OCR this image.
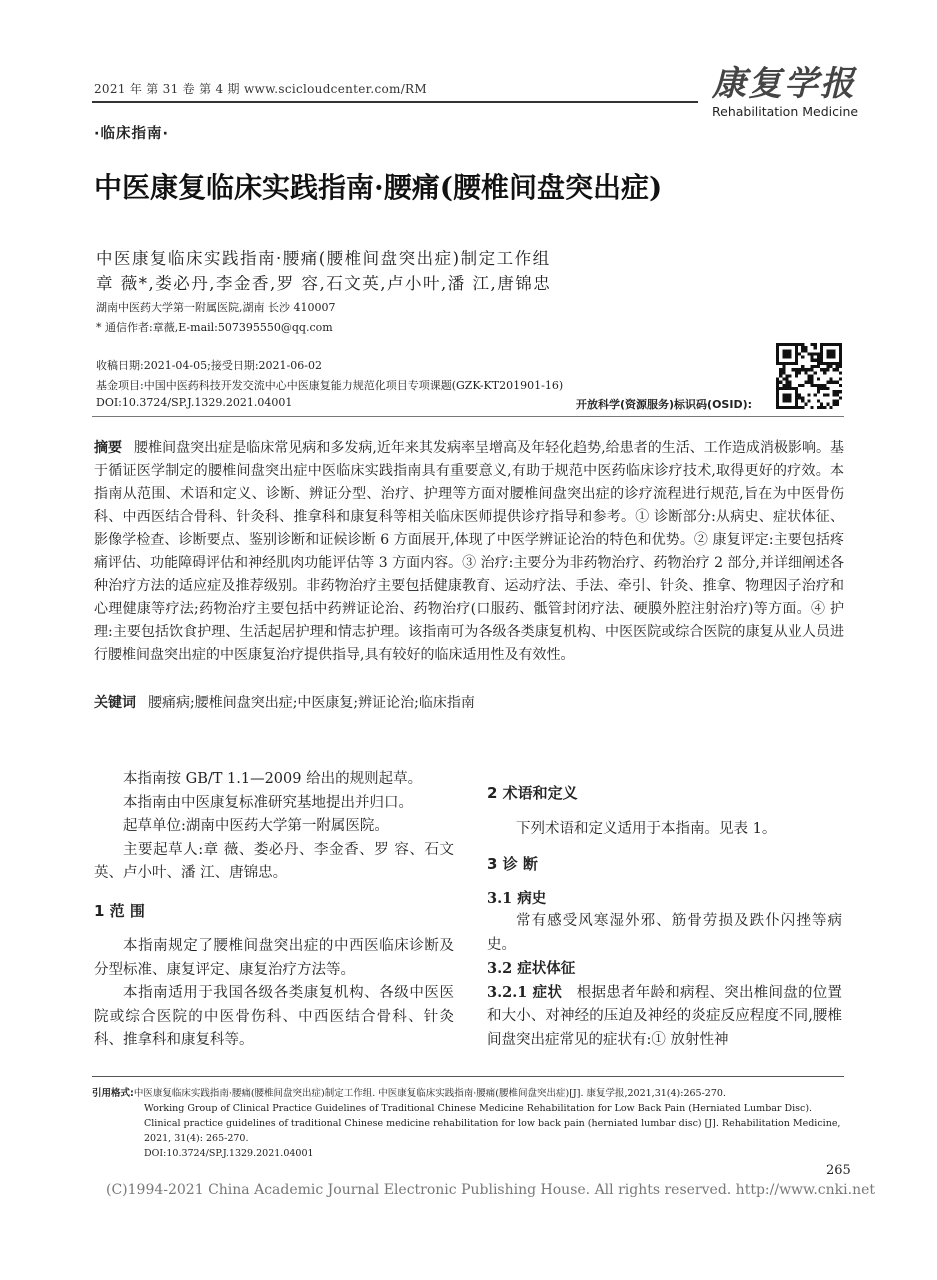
2021 年 第 31 卷 第 4 期 www.scicloudcenter.com/RM	康复学报
Rehabilitation Medicine
·临床指南·
中医康复临床实践指南·腰痛(腰椎间盘突出症)
中医康复临床实践指南·腰痛(腰椎间盘突出症)制定工作组
章 薇*,娄必丹,李金香,罗 容,石文英,卢小叶,潘 江,唐锦忠
湖南中医药大学第一附属医院,湖南 长沙 410007
* 通信作者:章薇,E-mail:507395550@qq.com
收稿日期:2021-04-05;接受日期:2021-06-02
基金项目:中国中医药科技开发交流中心中医康复能力规范化项目专项课题(GZK-KT201901-16)
DOI:10.3724/SP.J.1329.2021.04001	开放科学(资源服务)标识码(OSID):
摘要 腰椎间盘突出症是临床常见病和多发病,近年来其发病率呈增高及年轻化趋势,给患者的生活、工作造成消极影响。基于循证医学制定的腰椎间盘突出症中医临床实践指南具有重要意义,有助于规范中医药临床诊疗技术,取得更好的疗效。本指南从范围、术语和定义、诊断、辨证分型、治疗、护理等方面对腰椎间盘突出症的诊疗流程进行规范,旨在为中医骨伤科、中西医结合骨科、针灸科、推拿科和康复科等相关临床医师提供诊疗指导和参考。① 诊断部分:从病史、症状体征、影像学检查、诊断要点、鉴别诊断和证候诊断 6 方面展开,体现了中医学辨证论治的特色和优势。② 康复评定:主要包括疼痛评估、功能障碍评估和神经肌肉功能评估等 3 方面内容。③ 治疗:主要分为非药物治疗、药物治疗 2 部分,并详细阐述各种治疗方法的适应症及推荐级别。非药物治疗主要包括健康教育、运动疗法、手法、牵引、针灸、推拿、物理因子治疗和心理健康等疗法;药物治疗主要包括中药辨证论治、药物治疗(口服药、骶管封闭疗法、硬膜外腔注射治疗)等方面。④ 护理:主要包括饮食护理、生活起居护理和情志护理。该指南可为各级各类康复机构、中医医院或综合医院的康复从业人员进行腰椎间盘突出症的中医康复治疗提供指导,具有较好的临床适用性及有效性。
关键词 腰痛病;腰椎间盘突出症;中医康复;辨证论治;临床指南

本指南按 GB/T 1.1—2009 给出的规则起草。

本指南由中医康复标准研究基地提出并归口。

起草单位:湖南中医药大学第一附属医院。

主要起草人:章 薇、娄必丹、李金香、罗 容、石文英、卢小叶、潘 江、唐锦忠。

1 范 围

本指南规定了腰椎间盘突出症的中西医临床诊断及分型标准、康复评定、康复治疗方法等。

本指南适用于我国各级各类康复机构、各级中医医院或综合医院的中医骨伤科、中西医结合骨科、针灸科、推拿科和康复科等。

2 术语和定义

下列术语和定义适用于本指南。见表 1。

3 诊 断
3.1 病史

常有感受风寒湿外邪、筋骨劳损及跌仆闪挫等病史。

3.2 症状体征

3.2.1 症状 根据患者年龄和病程、突出椎间盘的位置和大小、对神经的压迫及神经的炎症反应程度不同,腰椎间盘突出症常见的症状有:① 放射性神

引用格式:中医康复临床实践指南·腰痛(腰椎间盘突出症)制定工作组. 中医康复临床实践指南·腰痛(腰椎间盘突出症)[J]. 康复学报,2021,31(4):265-270.
Working Group of Clinical Practice Guidelines of Traditional Chinese Medicine Rehabilitation for Low Back Pain (Herniated Lumbar Disc). Clinical practice guidelines of traditional Chinese medicine rehabilitation for low back pain (herniated lumbar disc) [J]. Rehabilitation Medicine, 2021, 31(4): 265-270.
DOI:10.3724/SP.J.1329.2021.04001
265
(C)1994-2021 China Academic Journal Electronic Publishing House. All rights reserved. http://www.cnki.net
